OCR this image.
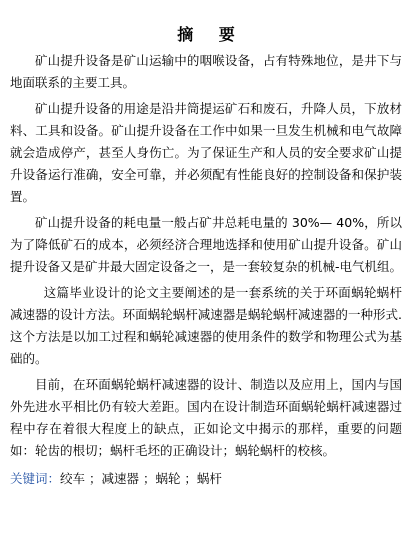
摘 要

矿山提升设备是矿山运输中的咽喉设备，占有特殊地位，是井下与地面联系的主要工具。

矿山提升设备的用途是沿井筒提运矿石和废石，升降人员，下放材料、工具和设备。矿山提升设备在工作中如果一旦发生机械和电气故障就会造成停产，甚至人身伤亡。为了保证生产和人员的安全要求矿山提升设备运行准确，安全可靠，并必须配有性能良好的控制设备和保护装置。

矿山提升设备的耗电量一般占矿井总耗电量的 30%— 40%，所以为了降低矿石的成本，必须经济合理地选择和使用矿山提升设备。矿山提升设备又是矿井最大固定设备之一，是一套较复杂的机械-电气机组。

这篇毕业设计的论文主要阐述的是一套系统的关于环面蜗轮蜗杆减速器的设计方法。环面蜗轮蜗杆减速器是蜗轮蜗杆减速器的一种形式.这个方法是以加工过程和蜗轮减速器的使用条件的数学和物理公式为基础的。

目前，在环面蜗轮蜗杆减速器的设计、制造以及应用上，国内与国外先进水平相比仍有较大差距。国内在设计制造环面蜗轮蜗杆减速器过程中存在着很大程度上的缺点，正如论文中揭示的那样，重要的问题如：轮齿的根切；蜗杆毛坯的正确设计；蜗轮蜗杆的校核。

关键词：绞车 ；减速器 ；蜗轮 ；蜗杆
